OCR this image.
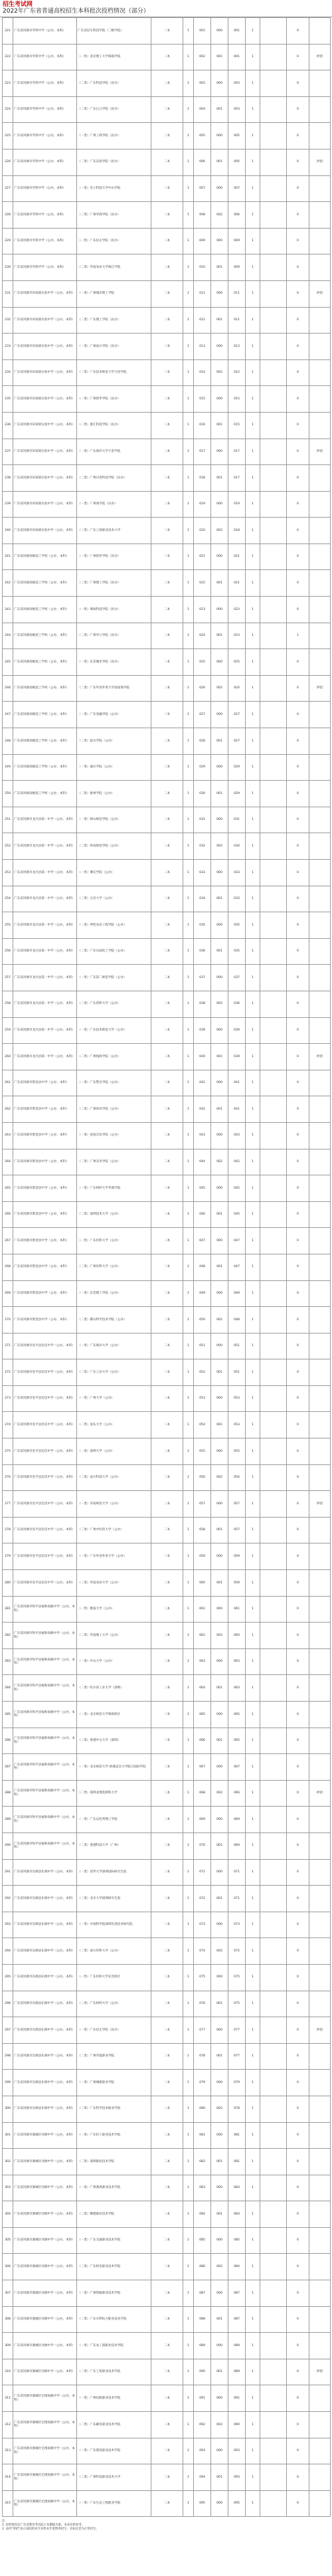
招生考试网
2022年广东省普通高校招生本科批次投档情况（部分）
221	广东省河源市华侨中学（公办，本科）	广东省民生科技学院（二级学院）	二本	1	001	000	001	1		0	
222	广东省河源市华侨中学（公办，本科）	（一类）北京理工大学珠海学院	二本	1	002	001	001	1		0	停招
223	广东省河源市华侨中学（公办，本科）	（二类）广东科技学院（民办）	二本	1	003	000	003	1		0	
224	广东省河源市华侨中学（公办，本科）	（二类）广东白云学院（民办）	二本	1	004	001	003	1		0	
225	广东省河源市华侨中学（公办，本科）	（一类）广州工商学院（民办）	二本	1	005	000	005	1		0	
226	广东省河源市华侨中学（公办，本科）	（二类）广东东软学院（民办）	二本	1	006	001	005	1		0	停招
227	广东省河源市华侨中学（公办，本科）	（一类）电子科技大学中山学院	二本	1	007	000	007	1		0	
228	广东省河源市华侨中学（公办，本科）	（二类）广州华商学院（民办）	二本	1	008	002	006	1		0	
229	广东省河源市华侨中学（公办，本科）	（一类）广东培正学院（民办）	二本	1	009	000	009	1		0	
230	广东省河源市华侨中学（公办，本科）	（二类）华南农业大学珠江学院	二本	1	010	001	009	1		0	
231	广东省河源市田家炳实验中学（公办，本科）	（一类）广州城市理工学院	二本	1	011	000	011	1		0	停招
232	广东省河源市田家炳实验中学（公办，本科）	（二类）广东理工学院（民办）	二本	1	012	001	011	1		0	
233	广东省河源市田家炳实验中学（公办，本科）	（一类）广州南方学院（民办）	二本	1	013	000	013	1		0	
234	广东省河源市田家炳实验中学（公办，本科）	（二类）广东技术师范大学天河学院	二本	1	014	002	012	1		0	
235	广东省河源市田家炳实验中学（公办，本科）	（一类）广州新华学院（民办）	二本	1	015	000	015	1		0	
236	广东省河源市田家炳实验中学（公办，本科）	（二类）湛江科技学院（民办）	二本	1	016	001	015	1		0	
237	广东省河源市田家炳实验中学（公办，本科）	（一类）广东海洋大学寸金学院	二本	1	017	000	017	1		0	停招
238	广东省河源市田家炳实验中学（公办，本科）	（二类）广州应用科技学院（民办）	二本	1	018	001	017	1		0	
239	广东省河源市田家炳实验中学（公办，本科）	（一类）广州商学院（民办）	二本	1	019	000	019	1		0	
240	广东省河源市田家炳实验中学（公办，本科）	（二类）广东工商职业技术大学	二本	1	020	002	018	1		0	
241	广东省河源高级技工学校（公办，本科）	（一类）广州软件学院（民办）	二本	1	021	000	021	1		0	
242	广东省河源高级技工学校（公办，本科）	（二类）广州理工学院（民办）	二本	1	022	001	021	1		0	
243	广东省河源高级技工学校（公办，本科）	（一类）珠海科技学院（民办）	二本	1	023	000	023	1		0	
244	广东省河源高级技工学校（公办，本科）	（二类）广州华立学院（民办）	二本	1	024	001	023	1		1	
245	广东省河源高级技工学校（公办，本科）	（一类）东莞城市学院（民办）	二本	1	025	000	025	1		0	
246	广东省河源高级技工学校（公办，本科）	（二类）广东外语外贸大学南国商学院	二本	1	026	002	024	1		0	停招
247	广东省河源高级技工学校（公办，本科）	（一类）广东金融学院（公办）	二本	1	027	000	027	1		0	
248	广东省河源高级技工学校（公办，本科）	（二类）韶关学院（公办）	二本	1	028	001	027	1		0	
249	广东省河源高级技工学校（公办，本科）	（一类）嘉应学院（公办）	二本	1	029	000	029	1		0	
250	广东省河源高级技工学校（公办，本科）	（二类）惠州学院（公办）	二本	1	030	001	029	1		0	
251	广东省河源市龙川县第一中学（公办，本科）	（一类）韩山师范学院（公办）	二本	1	031	000	031	1		0	
252	广东省河源市龙川县第一中学（公办，本科）	（二类）岭南师范学院（公办）	二本	1	032	002	030	1		0	
253	广东省河源市龙川县第一中学（公办，本科）	（一类）肇庆学院（公办）	二本	1	033	000	033	1		0	
254	广东省河源市龙川县第一中学（公办，本科）	（二类）五邑大学（公办）	二本	1	034	001	033	1		0	
255	广东省河源市龙川县第一中学（公办，本科）	（一类）仲恺农业工程学院（公办）	二本	1	035	000	035	1		0	
256	广东省河源市龙川县第一中学（公办，本科）	（二类）广东石油化工学院（公办）	二本	1	036	001	035	1		0	
257	广东省河源市龙川县第一中学（公办，本科）	（一类）广东第二师范学院（公办）	二本	1	037	000	037	1		0	
258	广东省河源市龙川县第一中学（公办，本科）	（二类）广东药科大学（公办）	二本	1	038	002	036	1		0	
259	广东省河源市龙川县第一中学（公办，本科）	（一类）广东技术师范大学（公办）	二本	1	039	000	039	1		0	
260	广东省河源市龙川县第一中学（公办，本科）	（二类）广州航海学院（公办）	二本	1	040	001	039	1		0	停招
261	广东省河源市紫金县中学（公办，本科）	（一类）广东警官学院（公办）	二本	1	041	000	041	1		0	
262	广东省河源市紫金县中学（公办，本科）	（二类）广州体育学院（公办）	二本	1	042	001	041	1		0	
263	广东省河源市紫金县中学（公办，本科）	（一类）星海音乐学院（公办）	二本	1	043	000	043	1		0	
264	广东省河源市紫金县中学（公办，本科）	（二类）广州美术学院（公办）	二本	1	044	002	042	1		0	
265	广东省河源市紫金县中学（公办，本科）	（一类）广东财经大学华商学院	二本	1	045	000	045	1		0	
266	广东省河源市紫金县中学（公办，本科）	（二类）深圳技术大学（公办）	二本	1	046	001	045	1		0	
267	广东省河源市紫金县中学（公办，本科）	（一类）广东医科大学（公办）	二本	1	047	000	047	1		0	
268	广东省河源市紫金县中学（公办，本科）	（二类）广州医科大学（公办）	二本	1	048	001	047	1		0	
269	广东省河源市紫金县中学（公办，本科）	（一类）东莞理工学院（公办）	二本	1	049	000	049	1		0	
270	广东省河源市紫金县中学（公办，本科）	（二类）佛山科学技术学院（公办）	二本	1	050	002	048	1		0	
271	广东省河源市连平县忠信中学（公办，本科）	（一类）广东海洋大学（公办）	二本	1	051	000	051	1		0	
272	广东省河源市连平县忠信中学（公办，本科）	（二类）广东工业大学（公办）	二本	1	052	001	051	1		0	
273	广东省河源市连平县忠信中学（公办，本科）	（一类）广州大学（公办）	二本	1	053	000	053	1		0	
274	广东省河源市连平县忠信中学（公办，本科）	（二类）汕头大学（公办）	二本	1	054	001	053	1		0	
275	广东省河源市连平县忠信中学（公办，本科）	（一类）深圳大学（公办）	二本	1	055	000	055	1		0	
276	广东省河源市连平县忠信中学（公办，本科）	（二类）南方科技大学（公办）	二本	1	056	002	054	1		0	
277	广东省河源市连平县忠信中学（公办，本科）	（一类）华南师范大学（公办）	二本	1	057	000	057	1		0	停招
278	广东省河源市连平县忠信中学（公办，本科）	（二类）广州中医药大学（公办）	二本	1	058	001	057	1		0	
279	广东省河源市连平县忠信中学（公办，本科）	（一类）广东外语外贸大学（公办）	二本	1	059	000	059	1		0	
280	广东省河源市连平县忠信中学（公办，本科）	（二类）华南农业大学（公办）	二本	1	060	001	059	1		0	
281	广东省河源市和平县福和高级中学（公办，本科）	（一类）暨南大学（公办）	二本	1	061	000	061	1		0	
282	广东省河源市和平县福和高级中学（公办，本科）	（二类）华南理工大学（公办）	二本	1	062	002	060	1		0	
283	广东省河源市和平县福和高级中学（公办，本科）	（一类）中山大学（公办）	二本	1	063	000	063	1		0	
284	广东省河源市和平县福和高级中学（公办，本科）	（二类）哈尔滨工业大学（深圳）	二本	1	064	001	063	1		0	
285	广东省河源市和平县福和高级中学（公办，本科）	（一类）北京师范大学珠海校区	二本	1	065	000	065	1		0	
286	广东省河源市和平县福和高级中学（公办，本科）	（二类）香港中文大学（深圳）	二本	1	066	001	065	1		0	
287	广东省河源市和平县福和高级中学（公办，本科）	（一类）北京师范大学-香港浸会大学联合国际学院	二本	1	067	000	067	1		0	
288	广东省河源市和平县福和高级中学（公办，本科）	（二类）深圳北理莫斯科大学	二本	1	068	002	066	1		0	停招
289	广东省河源市和平县福和高级中学（公办，本科）	（一类）广东以色列理工学院	二本	1	069	000	069	1		0	
290	广东省河源市和平县福和高级中学（公办，本科）	（二类）香港科技大学（广州）	二本	1	070	001	069	1		0	
291	广东省河源市东源县东源中学（公办，本科）	（一类）清华大学深圳国际研究生院	二本	1	071	000	071	1		0	
292	广东省河源市东源县东源中学（公办，本科）	（二类）北京大学深圳研究生院	二本	1	072	001	071	1		0	
293	广东省河源市东源县东源中学（公办，本科）	（一类）中国科学院深圳先进技术研究院	二本	1	073	000	073	1		0	
294	广东省河源市东源县东源中学（公办，本科）	（二类）南方医科大学（公办）	二本	1	074	002	072	1		0	
295	广东省河源市东源县东源中学（公办，本科）	（一类）广东医科大学东莞校区	二本	1	075	000	075	1		0	
296	广东省河源市东源县东源中学（公办，本科）	（二类）广东财经大学（公办）	二本	1	076	001	075	1		0	
297	广东省河源市东源县东源中学（公办，本科）	（一类）广东培正学院（民办）	二本	1	077	000	077	1		0	停招
298	广东省河源市东源县东源中学（公办，本科）	（二类）广州华夏职业学院	二本	1	078	001	077	1		0	
299	广东省河源市东源县东源中学（公办，本科）	（一类）广州城建职业学院	二本	1	079	000	079	1		0	
300	广东省河源市东源县东源中学（公办，本科）	（二类）广东科学技术职业学院	二本	1	080	002	078	1		0	
301	广东省河源市源城区河源中学（公办，本科）	（一类）广东轻工职业技术学院	二本	1	081	000	081	1		0	
302	广东省河源市源城区河源中学（公办，本科）	（二类）深圳职业技术学院	二本	1	082	001	081	1		0	
303	广东省河源市源城区河源中学（公办，本科）	（一类）广州番禺职业技术学院	二本	1	083	000	083	1		0	
304	广东省河源市源城区河源中学（公办，本科）	（二类）顺德职业技术学院	二本	1	084	001	083	1		0	
305	广东省河源市源城区河源中学（公办，本科）	（一类）广东交通职业技术学院	二本	1	085	000	085	1		0	
306	广东省河源市源城区河源中学（公办，本科）	（二类）广东机电职业技术学院	二本	1	086	002	084	1		0	
307	广东省河源市源城区河源中学（公办，本科）	（一类）广州铁路职业技术学院	二本	1	087	000	087	1		0	
308	广东省河源市源城区河源中学（公办，本科）	（二类）广东水利电力职业技术学院	二本	1	088	001	087	1		0	
309	广东省河源市源城区河源中学（公办，本科）	（一类）广东农工商职业技术学院	二本	1	089	000	089	1		0	
310	广东省河源市源城区河源中学（公办，本科）	（二类）广东工贸职业技术学院	二本	1	090	001	089	1		0	停招
311	广东省河源市源城区宏图高级中学（公办，本科）	（一类）广州民航职业技术学院	二本	1	091	000	091	1		0	
312	广东省河源市源城区宏图高级中学（公办，本科）	（二类）广东邮电职业技术学院	二本	1	092	002	090	1		0	
313	广东省河源市源城区宏图高级中学（公办，本科）	（一类）广东建设职业技术学院	二本	1	093	000	093	1		0	
314	广东省河源市源城区宏图高级中学（公办，本科）	（二类）广州科技职业技术大学	二本	1	094	001	093	1		0	
315	广东省河源市源城区宏图高级中学（公办，本科）	（一类）广东生态工程职业学院	二本	1	095	000	095	1		0	
注：
1. 投档情况以广东省教育考试院公布数据为准，本表仅供参考。
2. 表内"停招"表示该院校该专业组本年度暂停招生；未标注者为正常招生。
